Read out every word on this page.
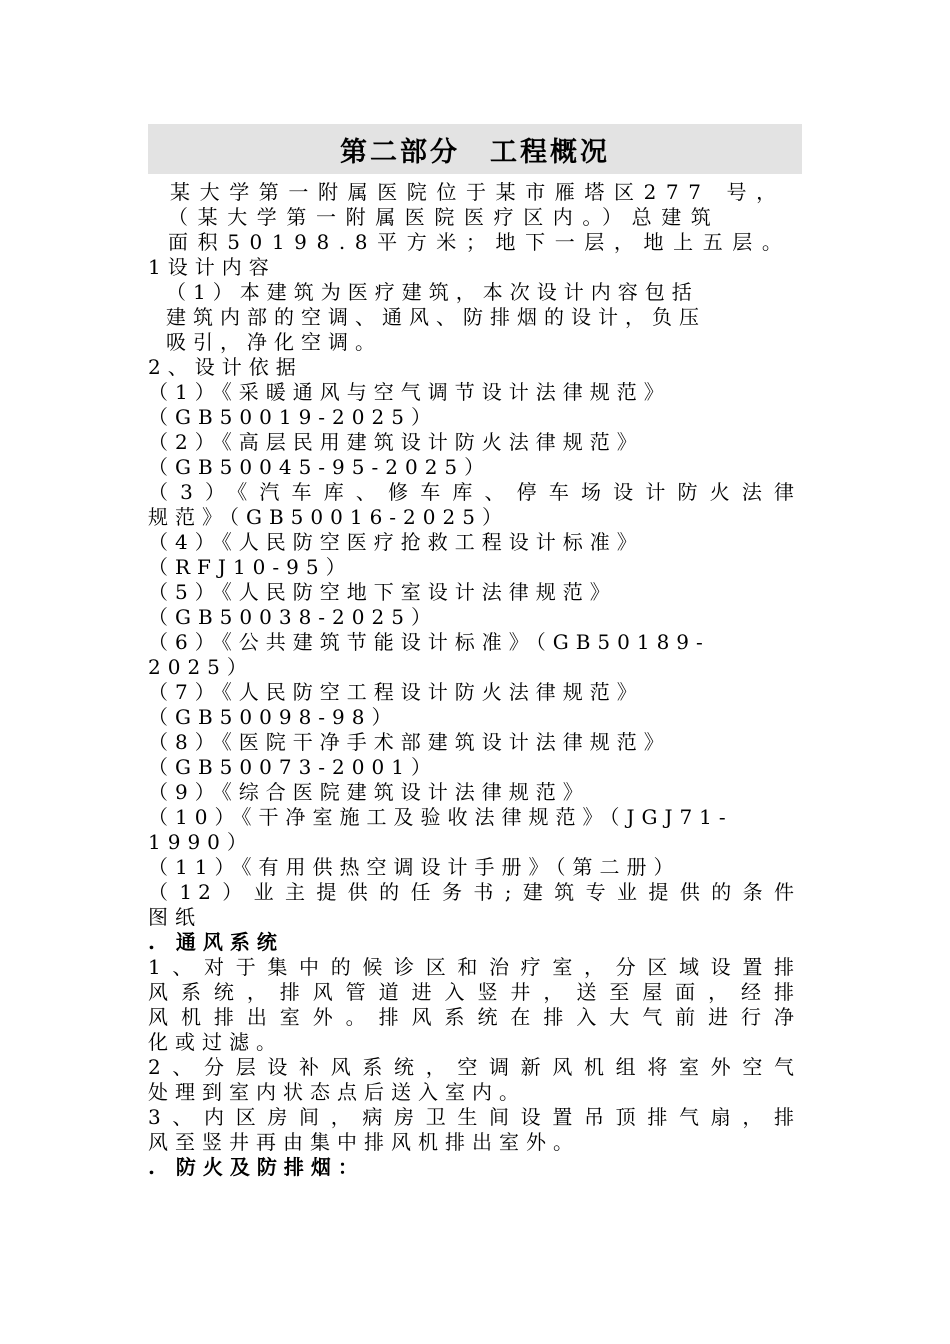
第二部分　工程概况
某大学第一附属医院位于某市雁塔区277 号，
（某大学第一附属医院医疗区内。）总建筑
面积50198.8平方米；地下一层，地上五层。
1设计内容
（1）本建筑为医疗建筑，本次设计内容包括
建筑内部的空调、通风、防排烟的设计，负压
吸引，净化空调。
2、设计依据
（1）《采暖通风与空气调节设计法律规范》
（GB50019-2025）
（2）《高层民用建筑设计防火法律规范》
（GB50045-95-2025）
（3）《汽车库、修车库、停车场设计防火法律
规范》（GB50016-2025）
（4）《人民防空医疗抢救工程设计标准》
（RFJ10-95）
（5）《人民防空地下室设计法律规范》
（GB50038-2025）
（6）《公共建筑节能设计标准》（GB50189-
2025）
（7）《人民防空工程设计防火法律规范》
（GB50098-98）
（8）《医院干净手术部建筑设计法律规范》
（GB50073-2001）
（9）《综合医院建筑设计法律规范》
（10）《干净室施工及验收法律规范》（JGJ71-
1990）
（11）《有用供热空调设计手册》（第二册）
（12）业主提供的任务书;建筑专业提供的条件
图纸
. 通风系统
1、对于集中的候诊区和治疗室，分区域设置排
风系统，排风管道进入竖井，送至屋面，经排
风机排出室外。排风系统在排入大气前进行净
化或过滤。
2、分层设补风系统，空调新风机组将室外空气
处理到室内状态点后送入室内。
3、内区房间，病房卫生间设置吊顶排气扇，排
风至竖井再由集中排风机排出室外。
. 防火及防排烟：
